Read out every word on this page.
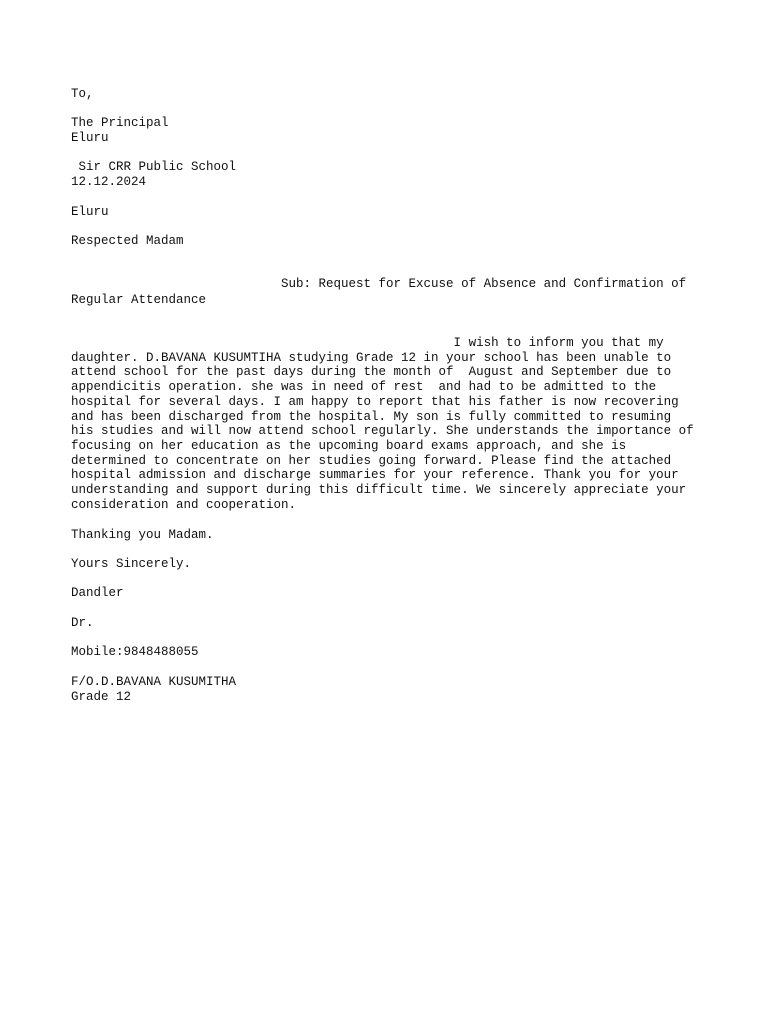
To,
The Principal
Eluru
Sir CRR Public School
12.12.2024
Eluru
Respected Madam
Sub: Request for Excuse of Absence and Confirmation of
Regular Attendance
I wish to inform you that my
daughter. D.BAVANA KUSUMTIHA studying Grade 12 in your school has been unable to
attend school for the past days during the month of  August and September due to
appendicitis operation. she was in need of rest  and had to be admitted to the
hospital for several days. I am happy to report that his father is now recovering
and has been discharged from the hospital. My son is fully committed to resuming
his studies and will now attend school regularly. She understands the importance of
focusing on her education as the upcoming board exams approach, and she is
determined to concentrate on her studies going forward. Please find the attached
hospital admission and discharge summaries for your reference. Thank you for your
understanding and support during this difficult time. We sincerely appreciate your
consideration and cooperation.
Thanking you Madam.
Yours Sincerely.
Dandler
Dr.
Mobile:9848488055
F/O.D.BAVANA KUSUMITHA
Grade 12
